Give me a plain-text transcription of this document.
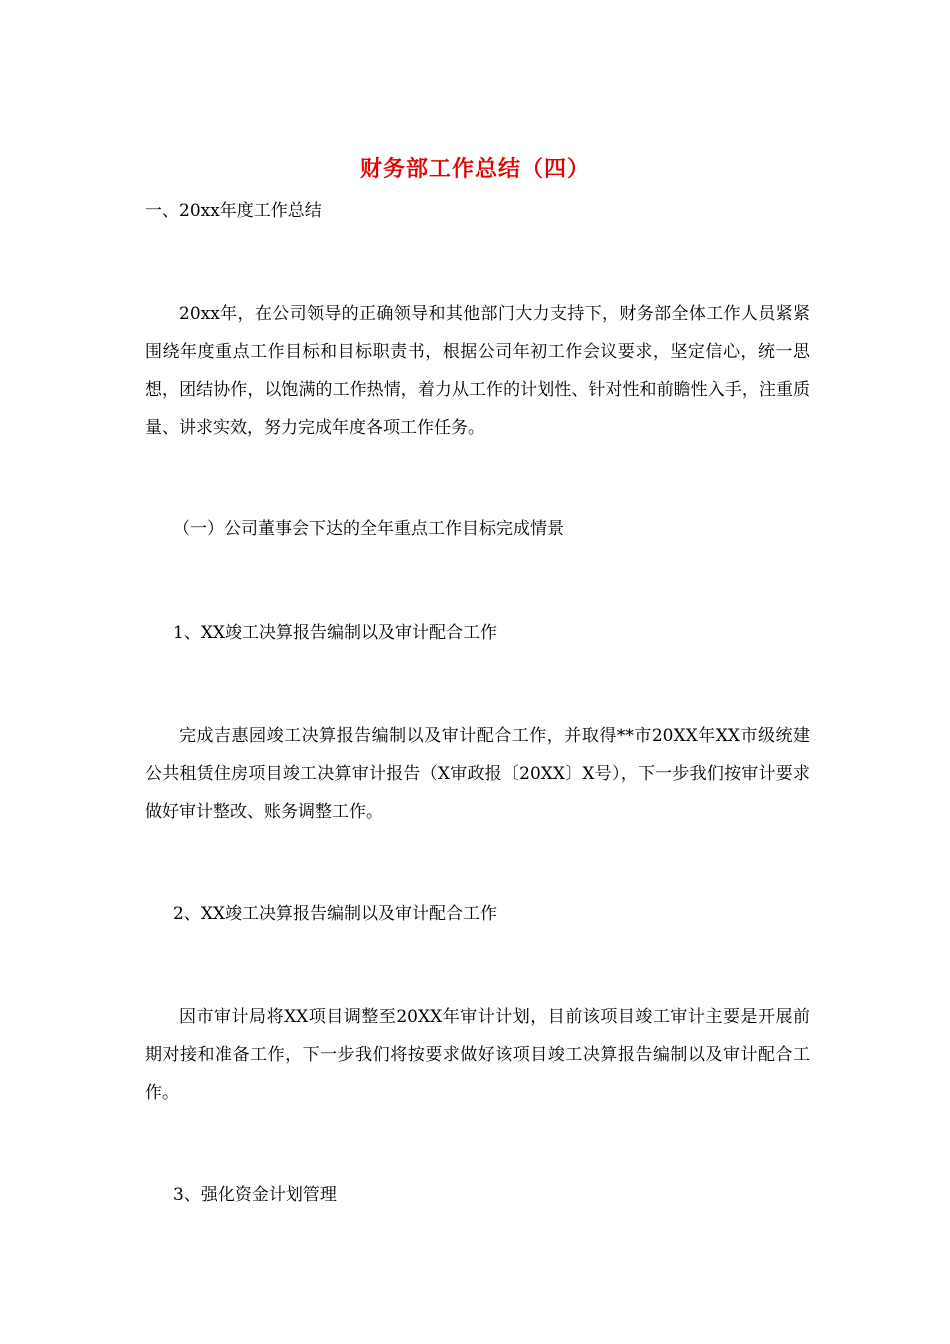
财务部工作总结（四）
一、20xx年度工作总结
20xx年，在公司领导的正确领导和其他部门大力支持下，财务部全体工作人员紧紧围绕年度重点工作目标和目标职责书，根据公司年初工作会议要求，坚定信心，统一思想，团结协作，以饱满的工作热情，着力从工作的计划性、针对性和前瞻性入手，注重质量、讲求实效，努力完成年度各项工作任务。
（一）公司董事会下达的全年重点工作目标完成情景
1、XX竣工决算报告编制以及审计配合工作
完成吉惠园竣工决算报告编制以及审计配合工作，并取得**市20XX年XX市级统建公共租赁住房项目竣工决算审计报告（X审政报〔20XX〕X号），下一步我们按审计要求做好审计整改、账务调整工作。
2、XX竣工决算报告编制以及审计配合工作
因市审计局将XX项目调整至20XX年审计计划，目前该项目竣工审计主要是开展前期对接和准备工作，下一步我们将按要求做好该项目竣工决算报告编制以及审计配合工作。
3、强化资金计划管理
